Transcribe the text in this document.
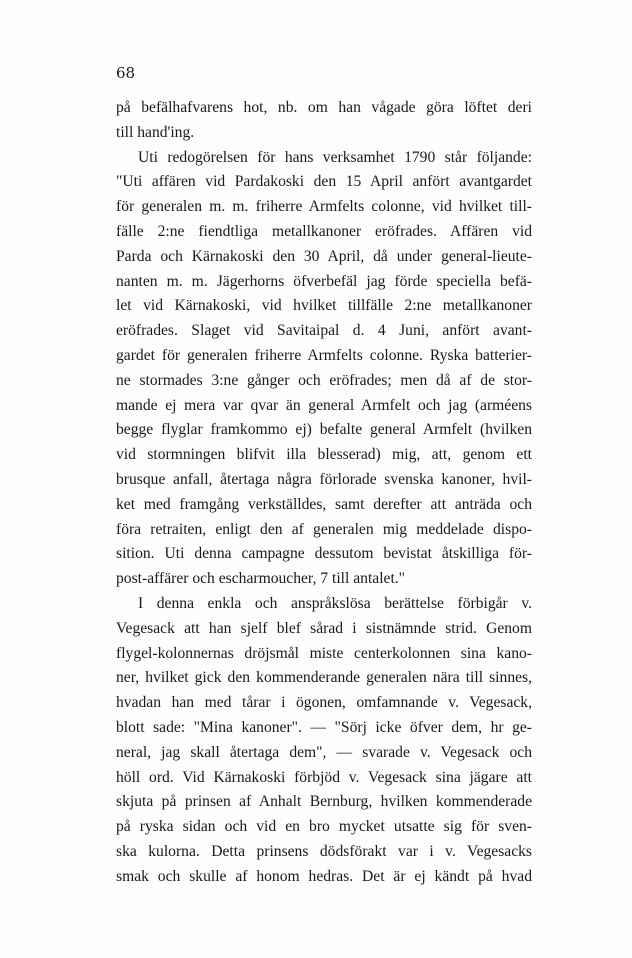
68
på befälhafvarens hot, nb. om han vågade göra löftet deri
till hand'ing.
Uti redogörelsen för hans verksamhet 1790 står följande:
"Uti affären vid Pardakoski den 15 April anfört avantgardet
för generalen m. m. friherre Armfelts colonne, vid hvilket till-
fälle 2:ne fiendtliga metallkanoner eröfrades. Affären vid
Parda och Kärnakoski den 30 April, då under general-lieute-
nanten m. m. Jägerhorns öfverbefäl jag förde speciella befä-
let vid Kärnakoski, vid hvilket tillfälle 2:ne metallkanoner
eröfrades. Slaget vid Savitaipal d. 4 Juni, anfört avant-
gardet för generalen friherre Armfelts colonne. Ryska batterier-
ne stormades 3:ne gånger och eröfrades; men då af de stor-
mande ej mera var qvar än general Armfelt och jag (arméens
begge flyglar framkommo ej) befalte general Armfelt (hvilken
vid stormningen blifvit illa blesserad) mig, att, genom ett
brusque anfall, återtaga några förlorade svenska kanoner, hvil-
ket med framgång verkställdes, samt derefter att anträda och
föra retraiten, enligt den af generalen mig meddelade dispo-
sition. Uti denna campagne dessutom bevistat åtskilliga för-
post-affärer och escharmoucher, 7 till antalet."
I denna enkla och anspråkslösa berättelse förbigår v.
Vegesack att han sjelf blef sårad i sistnämnde strid. Genom
flygel-kolonnernas dröjsmål miste centerkolonnen sina kano-
ner, hvilket gick den kommenderande generalen nära till sinnes,
hvadan han med tårar i ögonen, omfamnande v. Vegesack,
blott sade: "Mina kanoner". — "Sörj icke öfver dem, hr ge-
neral, jag skall återtaga dem", — svarade v. Vegesack och
höll ord. Vid Kärnakoski förbjöd v. Vegesack sina jägare att
skjuta på prinsen af Anhalt Bernburg, hvilken kommenderade
på ryska sidan och vid en bro mycket utsatte sig för sven-
ska kulorna. Detta prinsens dödsförakt var i v. Vegesacks
smak och skulle af honom hedras. Det är ej kändt på hvad
